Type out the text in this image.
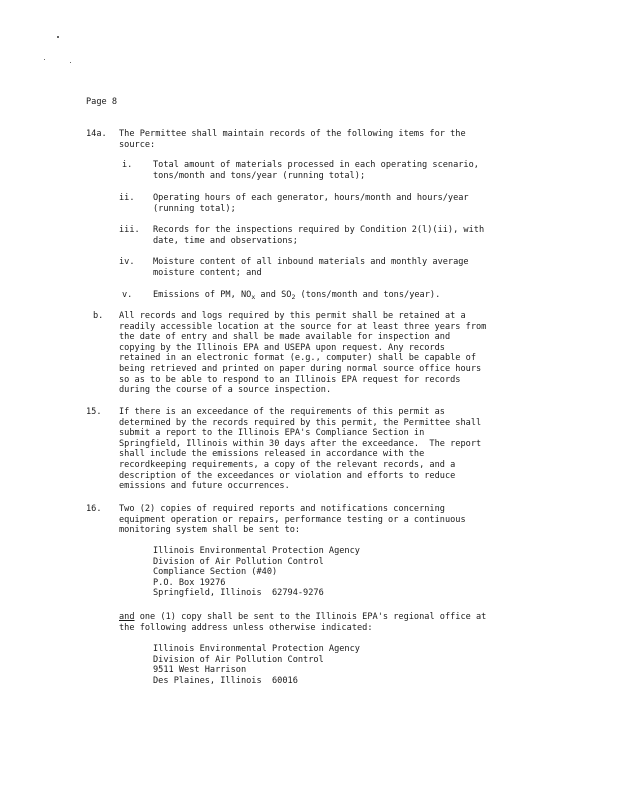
Page 8
14a. The Permittee shall maintain records of the following items for the
source:
i. Total amount of materials processed in each operating scenario,
tons/month and tons/year (running total);
ii. Operating hours of each generator, hours/month and hours/year
(running total);
iii. Records for the inspections required by Condition 2(l)(ii), with
date, time and observations;
iv. Moisture content of all inbound materials and monthly average
moisture content; and
v. Emissions of PM, $NO_x$ and $SO_2$ (tons/month and tons/year).
b. All records and logs required by this permit shall be retained at a
readily accessible location at the source for at least three years from
the date of entry and shall be made available for inspection and
copying by the Illinois EPA and USEPA upon request. Any records
retained in an electronic format (e.g., computer) shall be capable of
being retrieved and printed on paper during normal source office hours
so as to be able to respond to an Illinois EPA request for records
during the course of a source inspection.
15. If there is an exceedance of the requirements of this permit as
determined by the records required by this permit, the Permittee shall
submit a report to the Illinois EPA's Compliance Section in
Springfield, Illinois within 30 days after the exceedance.  The report
shall include the emissions released in accordance with the
recordkeeping requirements, a copy of the relevant records, and a
description of the exceedances or violation and efforts to reduce
emissions and future occurrences.
16. Two (2) copies of required reports and notifications concerning
equipment operation or repairs, performance testing or a continuous
monitoring system shall be sent to:
Illinois Environmental Protection Agency
Division of Air Pollution Control
Compliance Section (#40)
P.O. Box 19276
Springfield, Illinois  62794-9276
and one (1) copy shall be sent to the Illinois EPA's regional office at
the following address unless otherwise indicated:
Illinois Environmental Protection Agency
Division of Air Pollution Control
9511 West Harrison
Des Plaines, Illinois  60016
